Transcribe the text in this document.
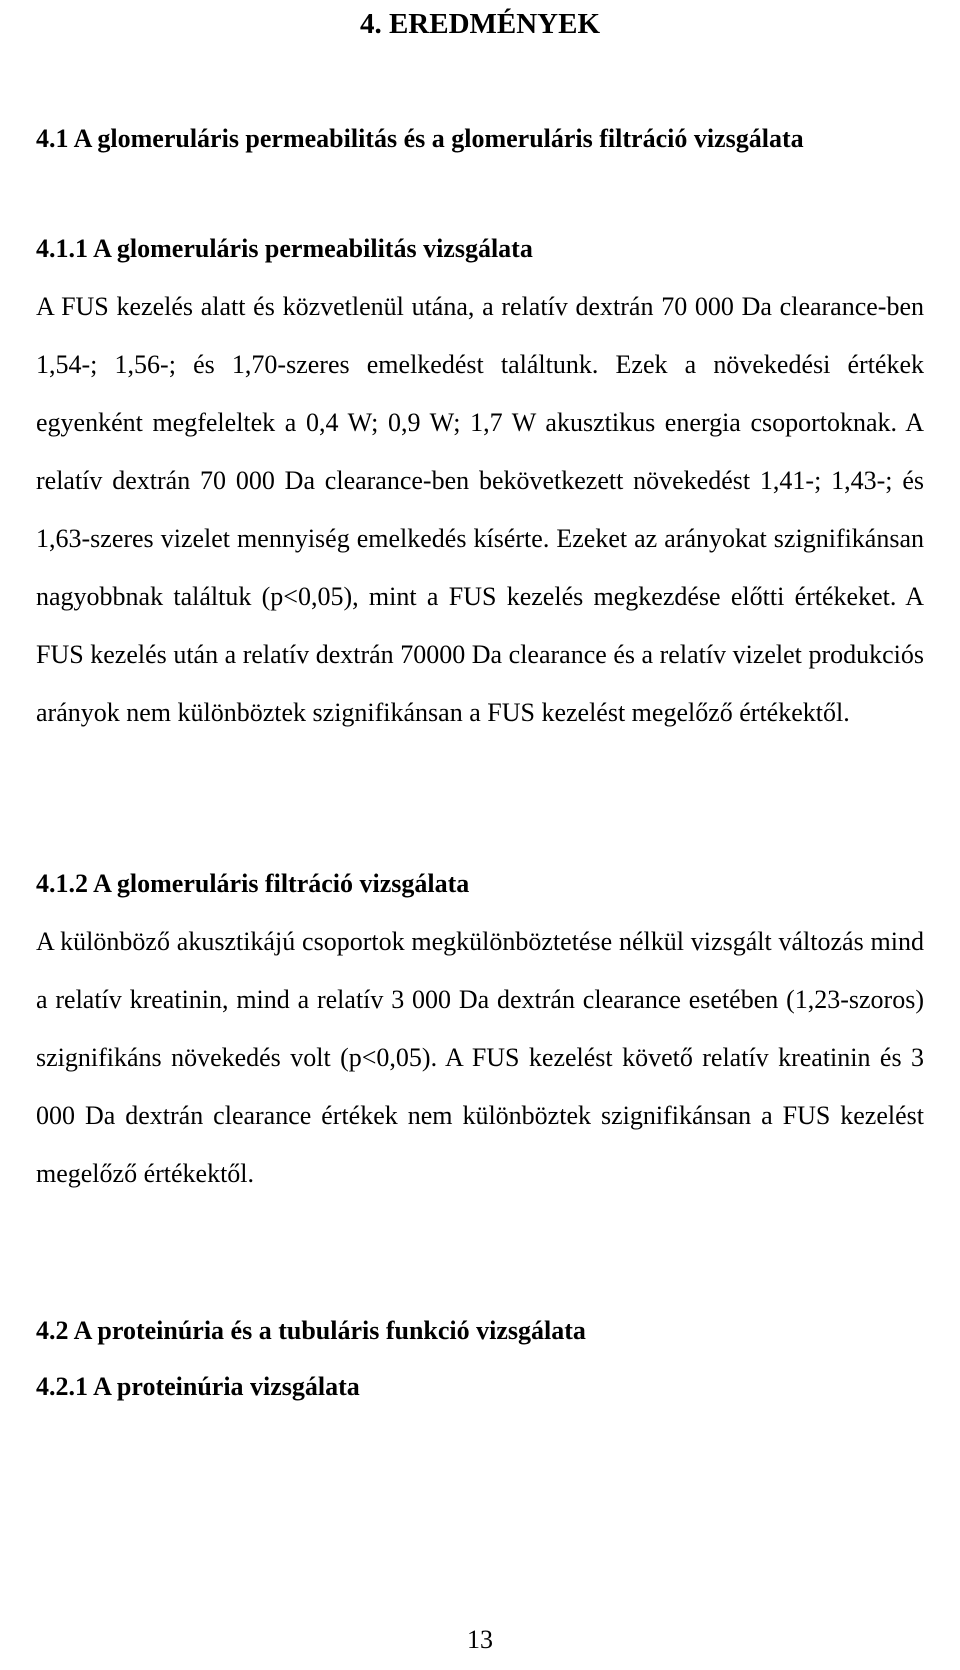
4. EREDMÉNYEK
4.1 A glomeruláris permeabilitás és a glomeruláris filtráció vizsgálata
4.1.1 A glomeruláris permeabilitás vizsgálata

A FUS kezelés alatt és közvetlenül utána, a relatív dextrán 70 000 Da clearance-ben 1,54-; 1,56-; és 1,70-szeres emelkedést találtunk. Ezek a növekedési értékek egyenként megfeleltek a 0,4 W; 0,9 W; 1,7 W akusztikus energia csoportoknak. A relatív dextrán 70 000 Da clearance-ben bekövetkezett növekedést 1,41-; 1,43-; és 1,63-szeres vizelet mennyiség emelkedés kísérte. Ezeket az arányokat szignifikánsan nagyobbnak találtuk (p<0,05), mint a FUS kezelés megkezdése előtti értékeket. A FUS kezelés után a relatív dextrán 70000 Da clearance és a relatív vizelet produkciós arányok nem különböztek szignifikánsan a FUS kezelést megelőző értékektől.

4.1.2 A glomeruláris filtráció vizsgálata

A különböző akusztikájú csoportok megkülönböztetése nélkül vizsgált változás mind a relatív kreatinin, mind a relatív 3 000 Da dextrán clearance esetében (1,23-szoros) szignifikáns növekedés volt (p<0,05). A FUS kezelést követő relatív kreatinin és 3 000 Da dextrán clearance értékek nem különböztek szignifikánsan a FUS kezelést megelőző értékektől.

4.2 A proteinúria és a tubuláris funkció vizsgálata
4.2.1 A proteinúria vizsgálata
13
